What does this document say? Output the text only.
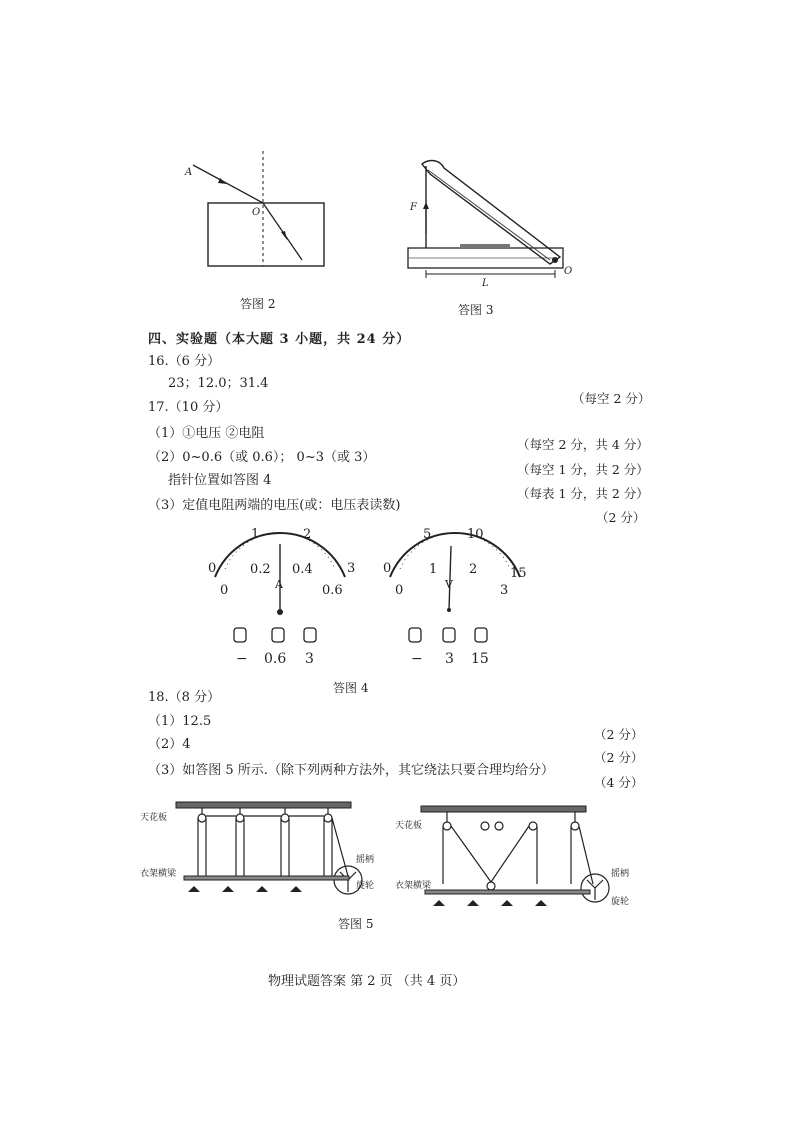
A
O
答图 2
F
L
O
答图 3
四、实验题（本大题 3 小题，共 24 分）
16.（6 分）
23；12.0；31.4
（每空 2 分）
17.（10 分）
（1）①电压 ②电阻
（每空 2 分，共 4 分）
（2）0~0.6（或 0.6）； 0~3（或 3）
（每空 1 分，共 2 分）
指针位置如答图 4
（每表 1 分，共 2 分）
（3）定值电阻两端的电压(或：电压表读数)
（2 分）
0
1	2
3
0
0.2 0.4
0.6
A
− 0.6 3
0
5	10
15
0
1 2
3
V
− 3 15
答图 4
18.（8 分）
（1）12.5
（2 分）
（2）4
（2 分）
（3）如答图 5 所示.（除下列两种方法外，其它绕法只要合理均给分）
（4 分）
天花板
衣架横梁
摇柄
旋轮
天花板
衣架横梁
摇柄
旋轮
答图 5
物理试题答案 第 2 页 （共 4 页）
